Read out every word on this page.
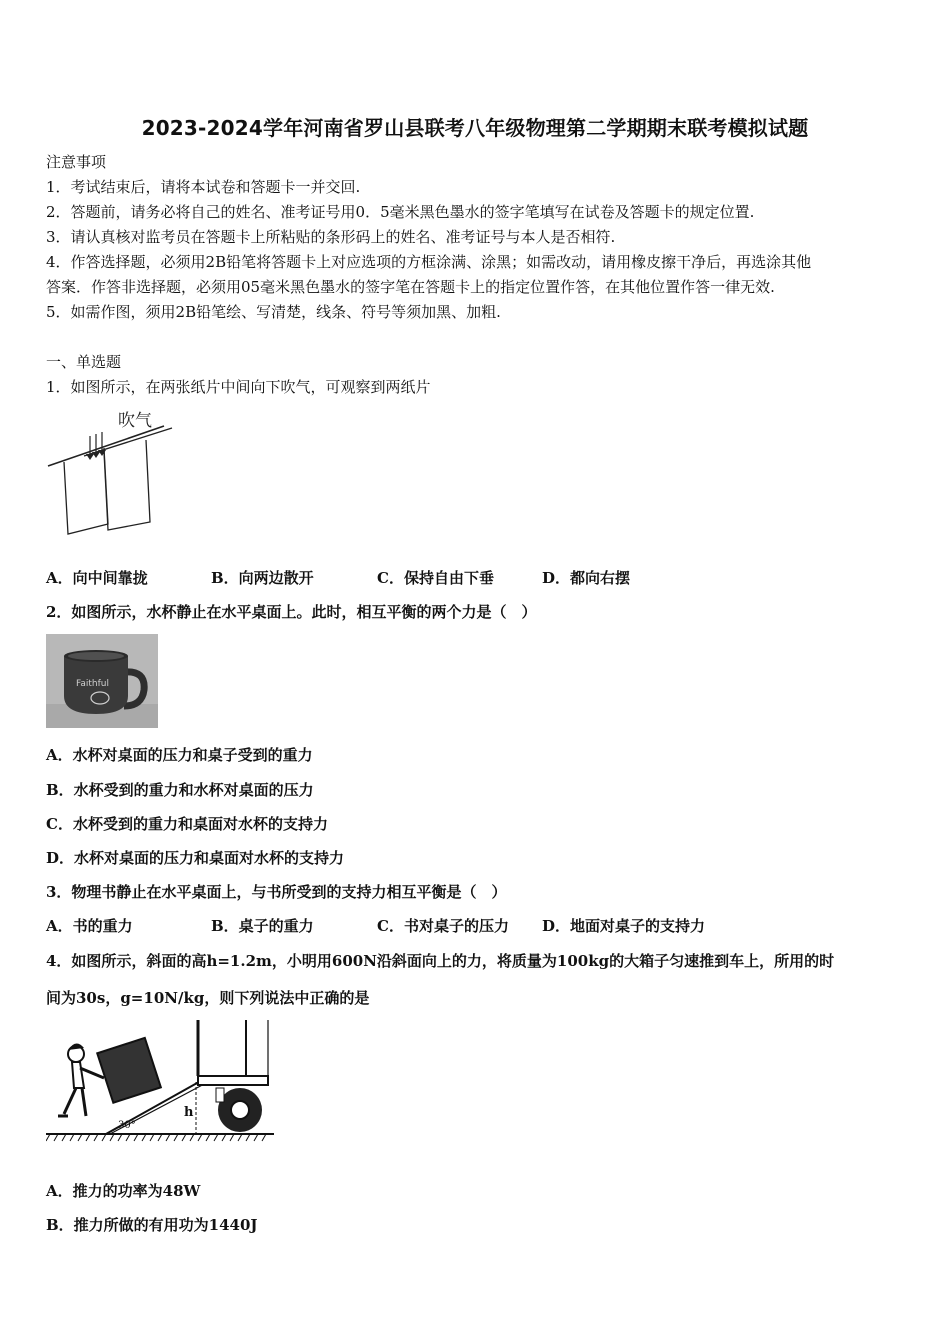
2023-2024学年河南省罗山县联考八年级物理第二学期期末联考模拟试题
注意事项
1．考试结束后，请将本试卷和答题卡一并交回.
2．答题前，请务必将自己的姓名、准考证号用0．5毫米黑色墨水的签字笔填写在试卷及答题卡的规定位置.
3．请认真核对监考员在答题卡上所粘贴的条形码上的姓名、准考证号与本人是否相符.
4．作答选择题，必须用2B铅笔将答题卡上对应选项的方框涂满、涂黑；如需改动，请用橡皮擦干净后，再选涂其他
答案．作答非选择题，必须用05毫米黑色墨水的签字笔在答题卡上的指定位置作答，在其他位置作答一律无效.
5．如需作图，须用2B铅笔绘、写清楚，线条、符号等须加黑、加粗.
一、单选题
1．如图所示，在两张纸片中间向下吹气，可观察到两纸片
吹气
A．向中间靠拢	B．向两边散开	C．保持自由下垂	D．都向右摆
2．如图所示，水杯静止在水平桌面上。此时，相互平衡的两个力是（　）
Faithful
A．水杯对桌面的压力和桌子受到的重力
B．水杯受到的重力和水杯对桌面的压力
C．水杯受到的重力和桌面对水杯的支持力
D．水杯对桌面的压力和桌面对水杯的支持力
3．物理书静止在水平桌面上，与书所受到的支持力相互平衡是（　）
A．书的重力	B．桌子的重力	C．书对桌子的压力 D．地面对桌子的支持力
4．如图所示，斜面的高h=1.2m，小明用600N沿斜面向上的力，将质量为100kg的大箱子匀速推到车上，所用的时
间为30s，g=10N/kg，则下列说法中正确的是
h
30°
A．推力的功率为48W
B．推力所做的有用功为1440J
